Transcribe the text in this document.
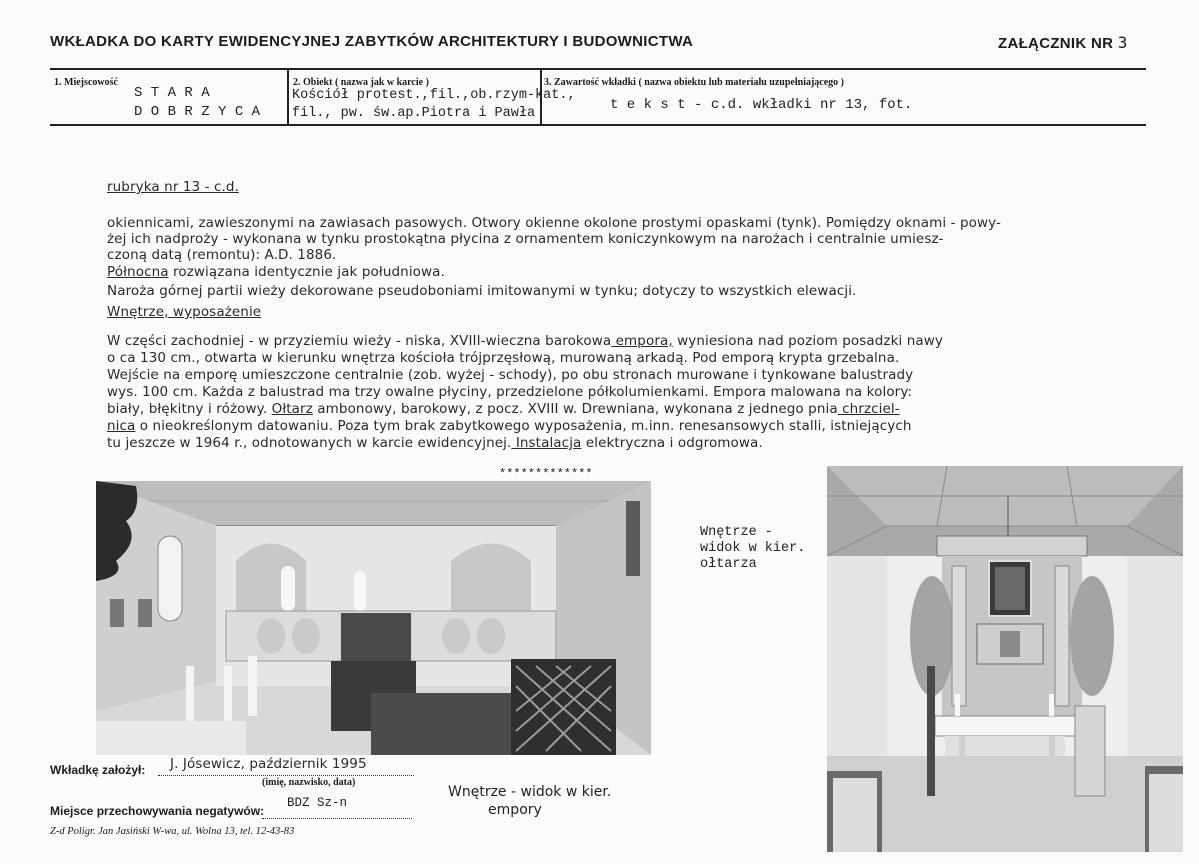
WKŁADKA DO KARTY EWIDENCYJNEJ ZABYTKÓW ARCHITEKTURY I BUDOWNICTWA	ZAŁĄCZNIK NR 3
1. Miejscowość
S T A R A
D O B R Z Y C A
2. Obiekt ( nazwa jak w karcie )
Kościół protest.,fil.,ob.rzym-kat.,
fil., pw. św.ap.Piotra i Pawła
3. Zawartość wkładki ( nazwa obiektu lub materiału uzupełniającego )
t e k s t - c.d. wkładki nr 13, fot.
rubryka nr 13 - c.d.
okiennicami, zawieszonymi na zawiasach pasowych. Otwory okienne okolone prostymi opaskami (tynk). Pomiędzy oknami - powy-
żej ich nadproży - wykonana w tynku prostokątna płycina z ornamentem koniczynkowym na narożach i centralnie umiesz-
czoną datą (remontu): A.D. 1886.
Północna rozwiązana identycznie jak południowa.
Naroża górnej partii wieży dekorowane pseudoboniami imitowanymi w tynku; dotyczy to wszystkich elewacji.
Wnętrze, wyposażenie
W części zachodniej - w przyziemiu wieży - niska, XVIII-wieczna barokowa empora, wyniesiona nad poziom posadzki nawy
o ca 130 cm., otwarta w kierunku wnętrza kościoła trójprzęsłową, murowaną arkadą. Pod emporą krypta grzebalna.
Wejście na emporę umieszczone centralnie (zob. wyżej - schody), po obu stronach murowane i tynkowane balustrady
wys. 100 cm. Każda z balustrad ma trzy owalne płyciny, przedzielone półkolumienkami. Empora malowana na kolory:
biały, błękitny i różowy. Ołtarz ambonowy, barokowy, z pocz. XVIII w. Drewniana, wykonana z jednego pnia chrzciel-
nica o nieokreślonym datowaniu. Poza tym brak zabytkowego wyposażenia, m.inn. renesansowych stalli, istniejących
tu jeszcze w 1964 r., odnotowanych w karcie ewidencyjnej. Instalacja elektryczna i odgromowa.
*************
Wnętrze -
widok w kier.
ołtarza
Wnętrze - widok w kier.
empory
Wkładkę założył: J. Jósewicz, październik 1995
(imię, nazwisko, data)
Miejsce przechowywania negatywów:
BDZ Sz-n
Z-d Poligr. Jan Jasiński W-wa, ul. Wolna 13, tel. 12-43-83
